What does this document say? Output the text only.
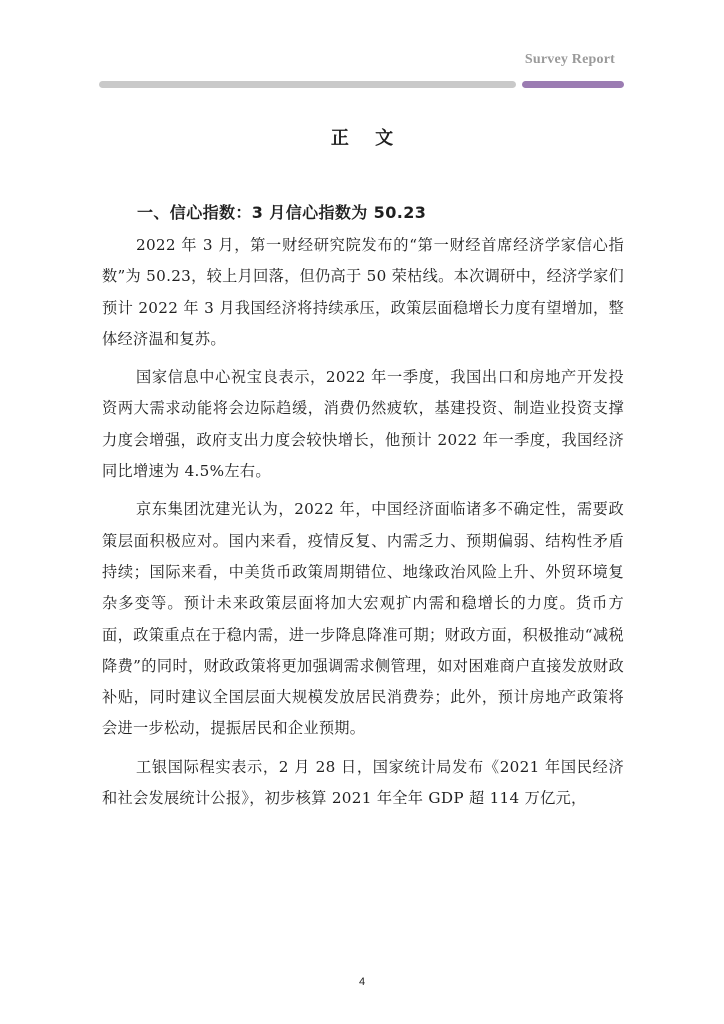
Survey Report
正 文
一、信心指数：3 月信心指数为 50.23

2022 年 3 月，第一财经研究院发布的“第一财经首席经济学家信心指数”为 50.23，较上月回落，但仍高于 50 荣枯线。本次调研中，经济学家们预计 2022 年 3 月我国经济将持续承压，政策层面稳增长力度有望增加，整体经济温和复苏。

国家信息中心祝宝良表示，2022 年一季度，我国出口和房地产开发投资两大需求动能将会边际趋缓，消费仍然疲软，基建投资、制造业投资支撑力度会增强，政府支出力度会较快增长，他预计 2022 年一季度，我国经济同比增速为 4.5%左右。

京东集团沈建光认为，2022 年，中国经济面临诸多不确定性，需要政策层面积极应对。国内来看，疫情反复、内需乏力、预期偏弱、结构性矛盾持续；国际来看，中美货币政策周期错位、地缘政治风险上升、外贸环境复杂多变等。预计未来政策层面将加大宏观扩内需和稳增长的力度。货币方面，政策重点在于稳内需，进一步降息降准可期；财政方面，积极推动“减税降费”的同时，财政政策将更加强调需求侧管理，如对困难商户直接发放财政补贴，同时建议全国层面大规模发放居民消费券；此外，预计房地产政策将会进一步松动，提振居民和企业预期。

工银国际程实表示，2 月 28 日，国家统计局发布《2021 年国民经济和社会发展统计公报》，初步核算 2021 年全年 GDP 超 114 万亿元，

4
